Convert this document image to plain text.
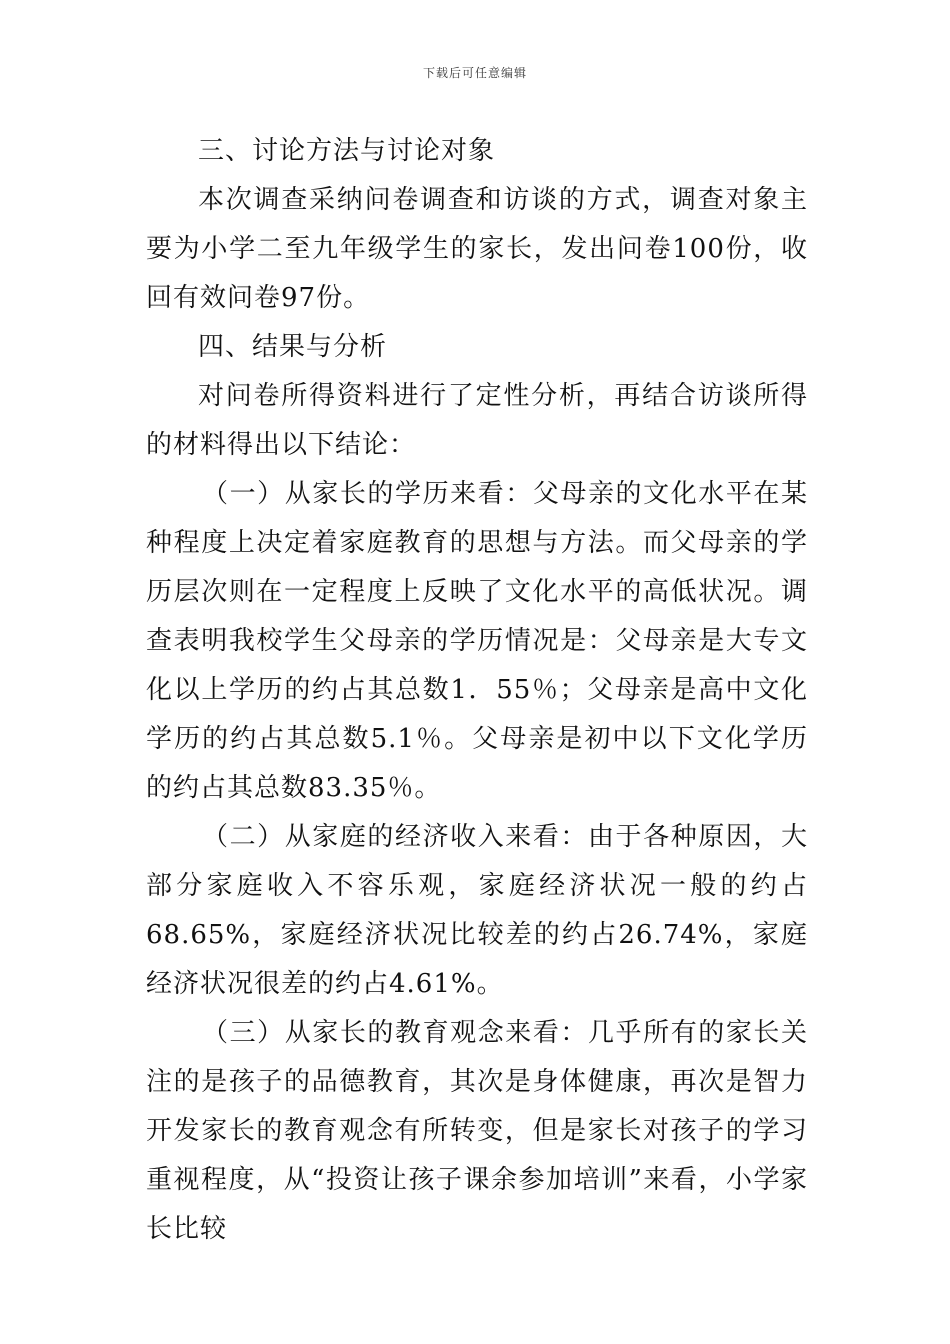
下载后可任意编辑

三、讨论方法与讨论对象

本次调查采纳问卷调查和访谈的方式，调查对象主要为小学二至九年级学生的家长，发出问卷100份，收回有效问卷97份。

四、结果与分析

对问卷所得资料进行了定性分析，再结合访谈所得的材料得出以下结论：

（一）从家长的学历来看：父母亲的文化水平在某种程度上决定着家庭教育的思想与方法。而父母亲的学历层次则在一定程度上反映了文化水平的高低状况。调查表明我校学生父母亲的学历情况是：父母亲是大专文化以上学历的约占其总数1．55％；父母亲是高中文化学历的约占其总数5.1％。父母亲是初中以下文化学历的约占其总数83.35％。

（二）从家庭的经济收入来看：由于各种原因，大部分家庭收入不容乐观，家庭经济状况一般的约占68.65%，家庭经济状况比较差的约占26.74%，家庭经济状况很差的约占4.61%。

（三）从家长的教育观念来看：几乎所有的家长关注的是孩子的品德教育，其次是身体健康，再次是智力开发家长的教育观念有所转变，但是家长对孩子的学习重视程度，从“投资让孩子课余参加培训”来看，小学家长比较
